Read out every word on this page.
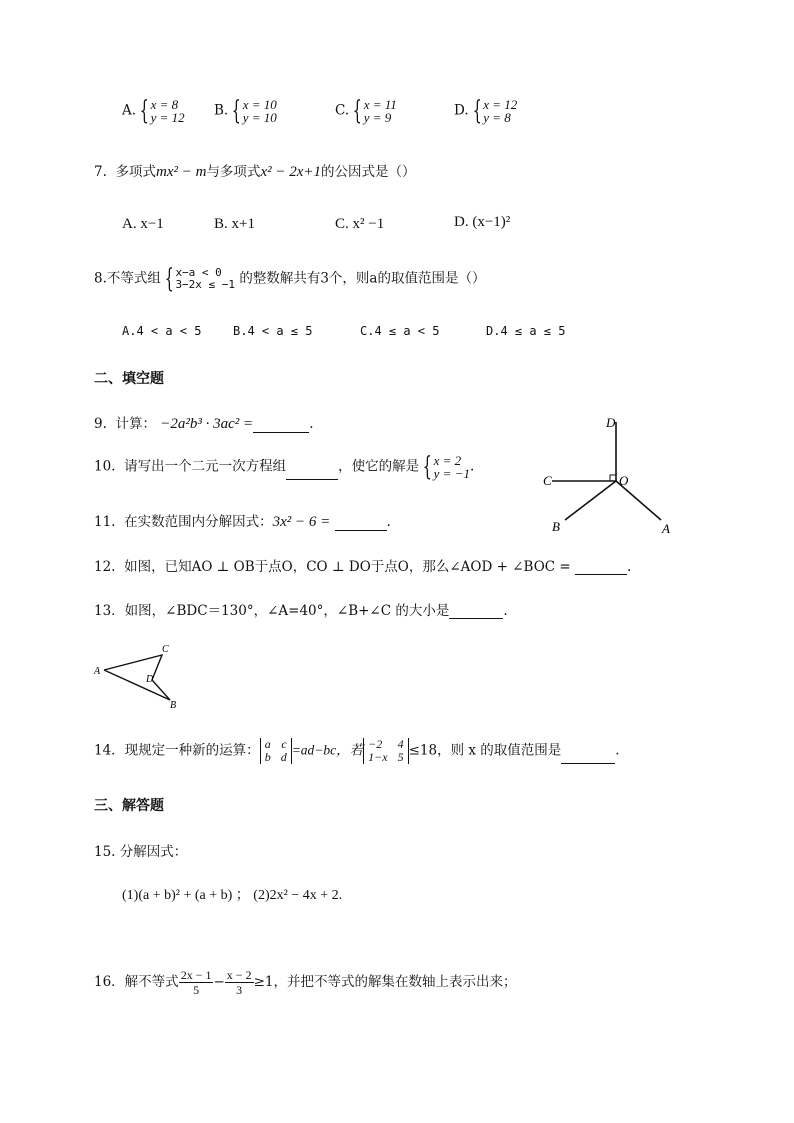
A. { x = 8
y = 12 B. { x = 10
y = 10	C. { x = 11
y = 9	D. { x = 12
y = 8
7. 多项式mx² − m与多项式x² − 2x+1的公因式是（）
A. x−1	B. x+1	C. x² −1	D. (x−1)²
8.不等式组 { x−a < 0
3−2x ≤ −1 的整数解共有3个，则a的取值范围是（）
A.4 < a < 5	B.4 < a ≤ 5	C.4 ≤ a < 5	D.4 ≤ a ≤ 5
二、填空题
9. 计算： −2a²b³ · 3ac² =	.
10. 请写出一个二元一次方程组	，使它的解是 { x = 2
y = −1 .
D
C	O
B	A
11. 在实数范围内分解因式：3x² − 6 =	.
12. 如图，已知AO ⊥ OB于点O，CO ⊥ DO于点O，那么∠AOD + ∠BOC =	.
13．如图，∠BDC＝130°，∠A=40°，∠B+∠C 的大小是	.
A
C
D
B
14．现规定一种新的运算： a c
b d =ad−bc，若 −2 4
1−x 5 ≤18，则 x 的取值范围是	.
三、解答题
15. 分解因式：
(1)(a + b)² + (a + b) ； (2)2x² − 4x + 2.
16．解不等式 $\frac{2x - 1}{5} - \frac{x - 2}{3} \ge 1$，并把不等式的解集在数轴上表示出来；
